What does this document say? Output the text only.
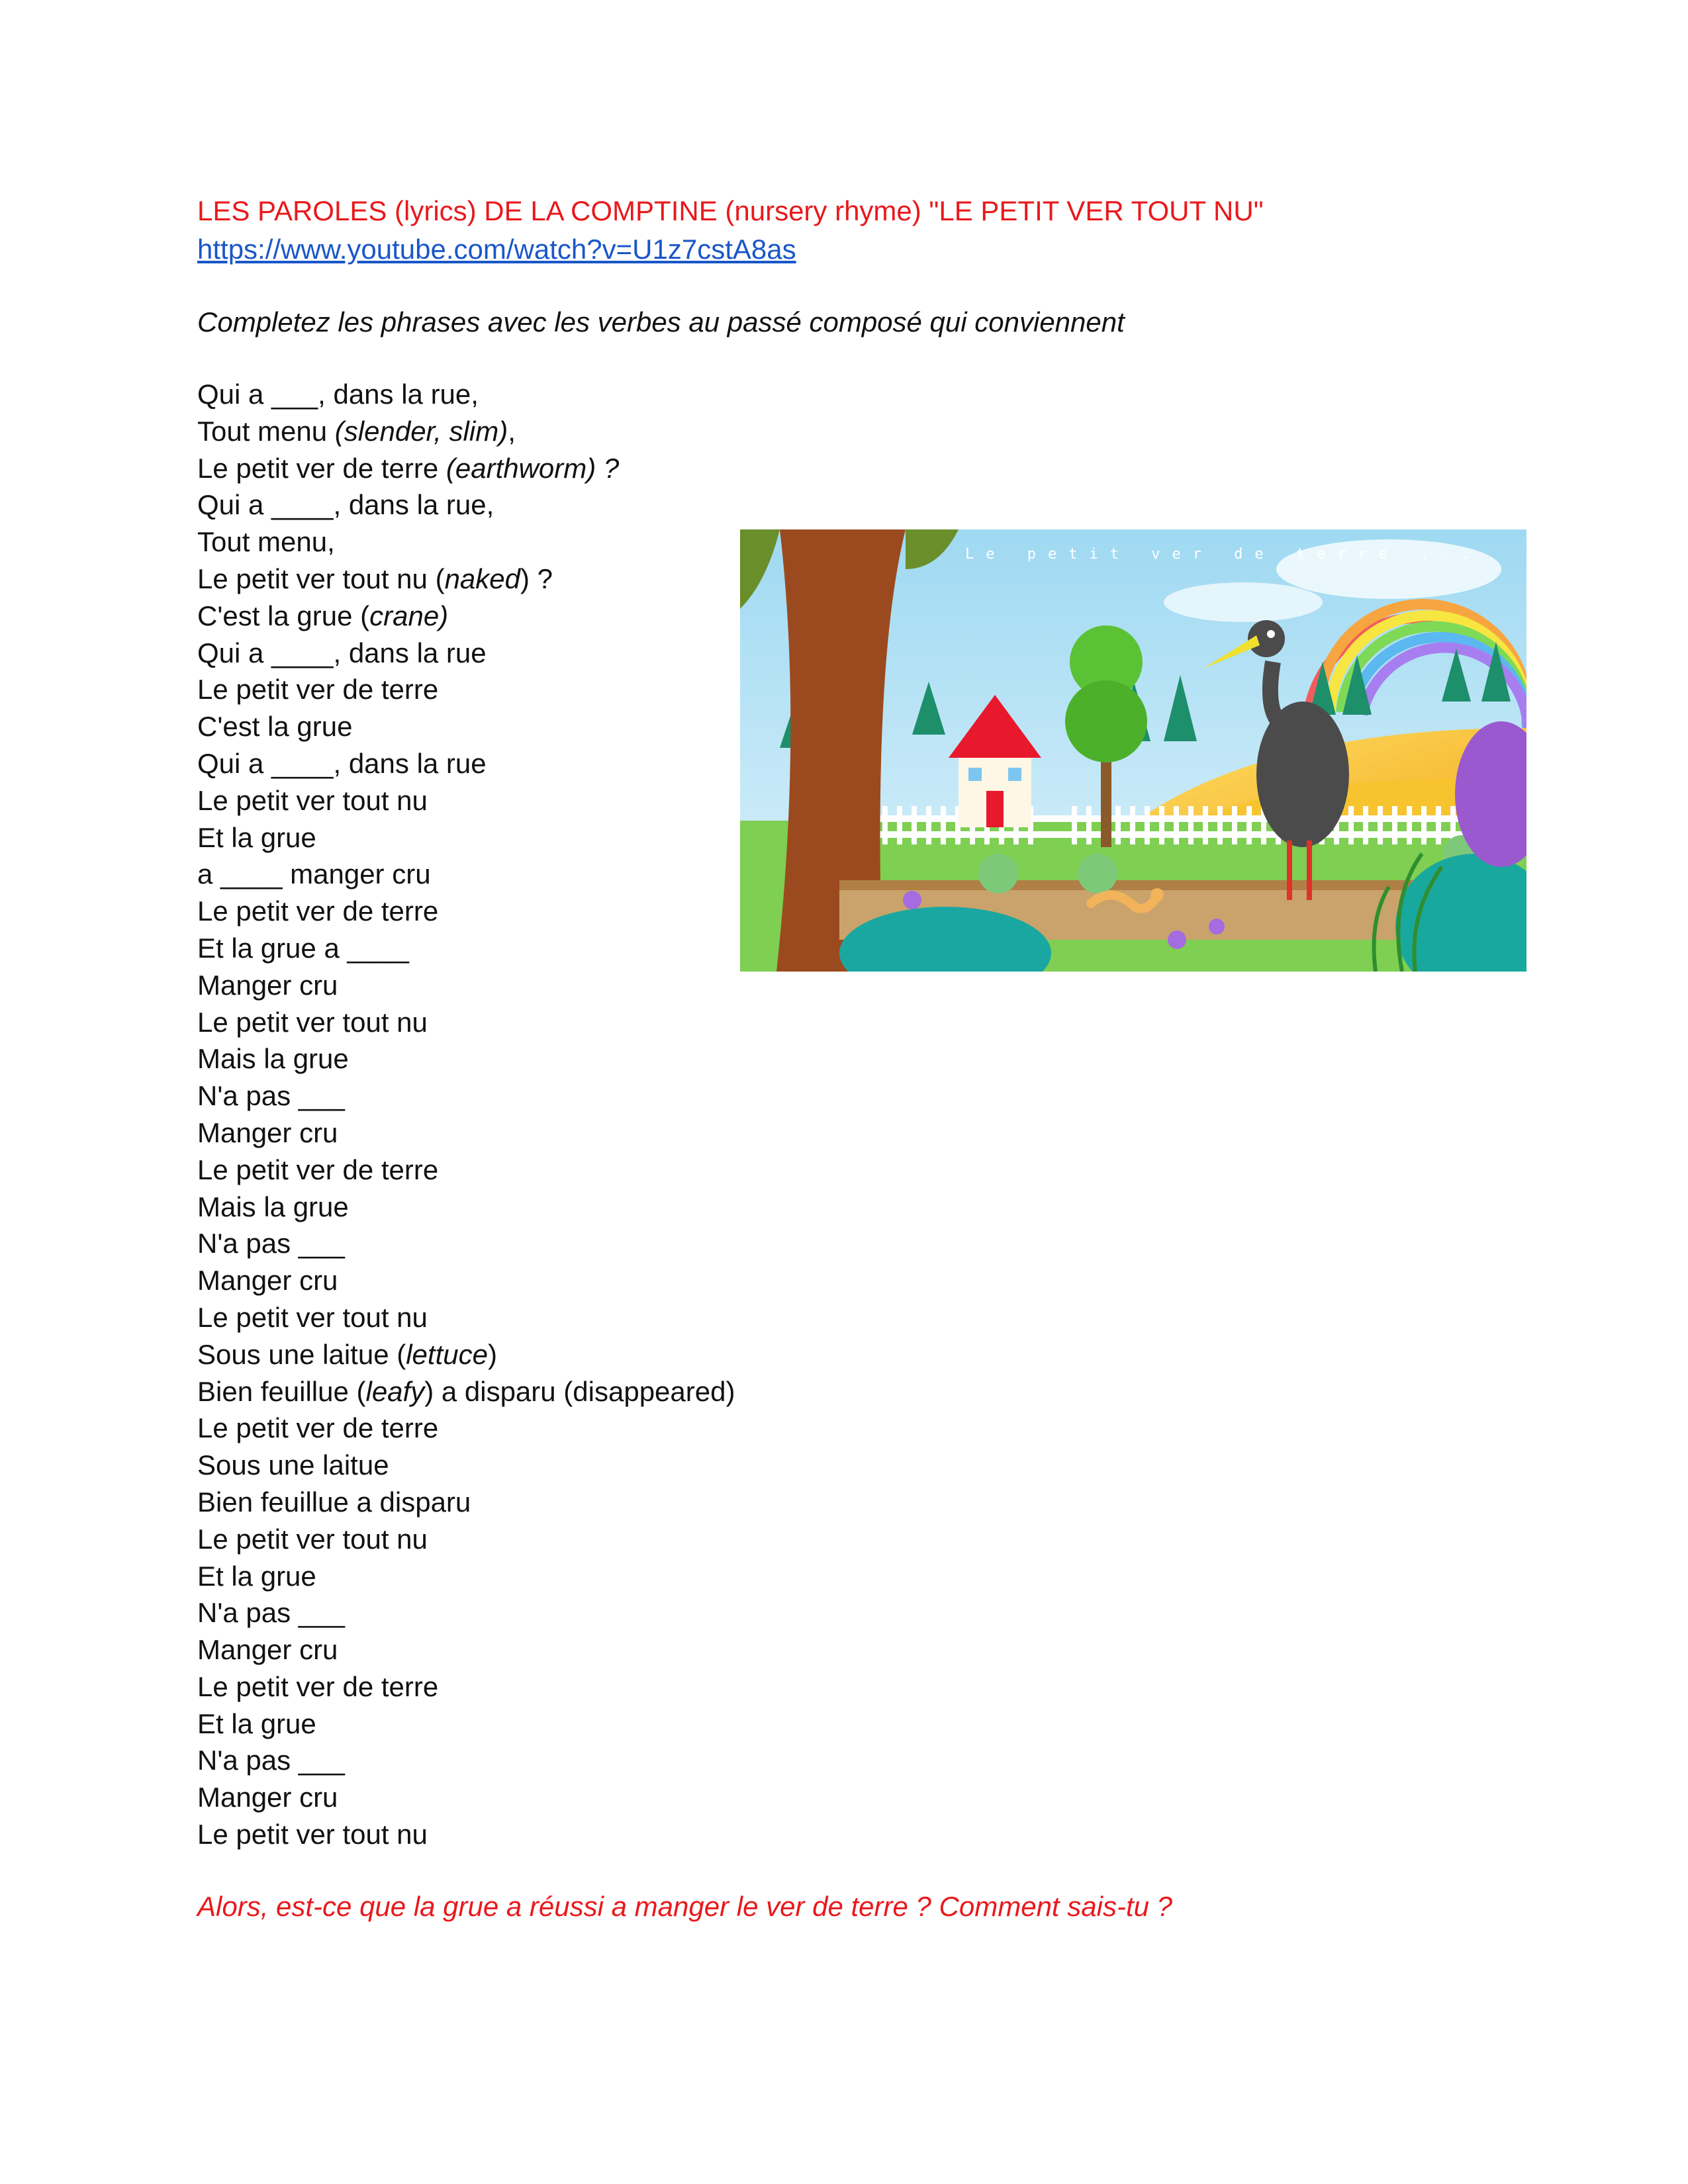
LES PAROLES (lyrics) DE LA COMPTINE (nursery rhyme) "LE PETIT VER TOUT NU"

https://www.youtube.com/watch?v=U1z7cstA8as
Completez les phrases avec les verbes au passé composé qui conviennent
Qui a ___, dans la rue,
Tout menu (slender, slim),
Le petit ver de terre (earthworm) ?
Qui a ____, dans la rue,
Tout menu,
Le petit ver tout nu (naked) ?
C'est la grue (crane)
Qui a ____, dans la rue
Le petit ver de terre
C'est la grue
Qui a ____, dans la rue
Le petit ver tout nu
Et la grue
a ____ manger cru
Le petit ver de terre
Et la grue a ____
Manger cru
Le petit ver tout nu
Mais la grue
N'a pas ___
Manger cru
Le petit ver de terre
Mais la grue
N'a pas ___
Manger cru
Le petit ver tout nu
Sous une laitue (lettuce)
Bien feuillue (leafy) a disparu (disappeared)
Le petit ver de terre
Sous une laitue
Bien feuillue a disparu
Le petit ver tout nu
Et la grue
N'a pas ___
Manger cru
Le petit ver de terre
Et la grue
N'a pas ___
Manger cru
Le petit ver tout nu
Alors, est-ce que la grue a réussi a manger le ver de terre ? Comment sais-tu ?
Le petit ver de terre ...
